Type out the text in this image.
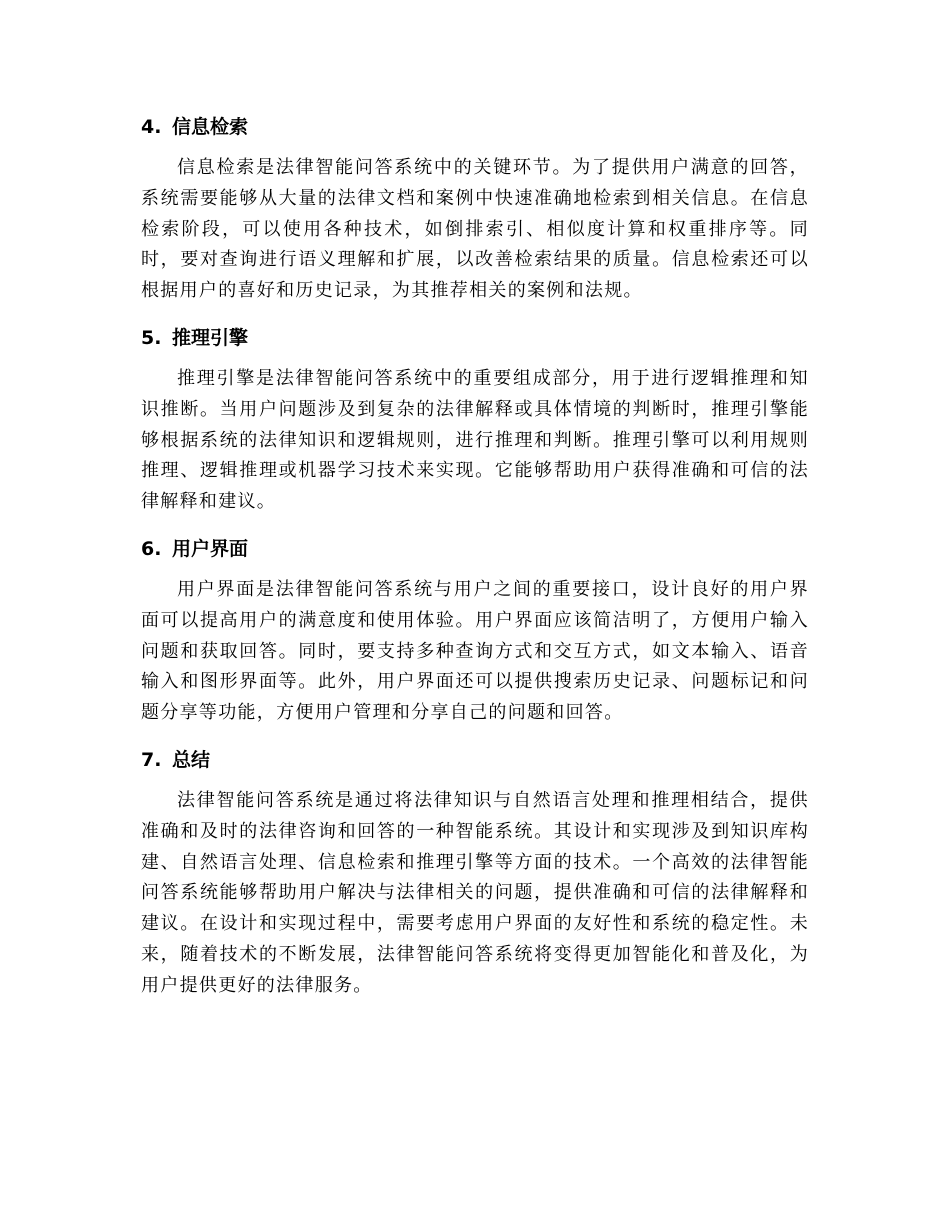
4. 信息检索

信息检索是法律智能问答系统中的关键环节。为了提供用户满意的回答，系统需要能够从大量的法律文档和案例中快速准确地检索到相关信息。在信息检索阶段，可以使用各种技术，如倒排索引、相似度计算和权重排序等。同时，要对查询进行语义理解和扩展，以改善检索结果的质量。信息检索还可以根据用户的喜好和历史记录，为其推荐相关的案例和法规。

5. 推理引擎

推理引擎是法律智能问答系统中的重要组成部分，用于进行逻辑推理和知识推断。当用户问题涉及到复杂的法律解释或具体情境的判断时，推理引擎能够根据系统的法律知识和逻辑规则，进行推理和判断。推理引擎可以利用规则推理、逻辑推理或机器学习技术来实现。它能够帮助用户获得准确和可信的法律解释和建议。

6. 用户界面

用户界面是法律智能问答系统与用户之间的重要接口，设计良好的用户界面可以提高用户的满意度和使用体验。用户界面应该简洁明了，方便用户输入问题和获取回答。同时，要支持多种查询方式和交互方式，如文本输入、语音输入和图形界面等。此外，用户界面还可以提供搜索历史记录、问题标记和问题分享等功能，方便用户管理和分享自己的问题和回答。

7. 总结

法律智能问答系统是通过将法律知识与自然语言处理和推理相结合，提供准确和及时的法律咨询和回答的一种智能系统。其设计和实现涉及到知识库构建、自然语言处理、信息检索和推理引擎等方面的技术。一个高效的法律智能问答系统能够帮助用户解决与法律相关的问题，提供准确和可信的法律解释和建议。在设计和实现过程中，需要考虑用户界面的友好性和系统的稳定性。未来，随着技术的不断发展，法律智能问答系统将变得更加智能化和普及化，为用户提供更好的法律服务。
